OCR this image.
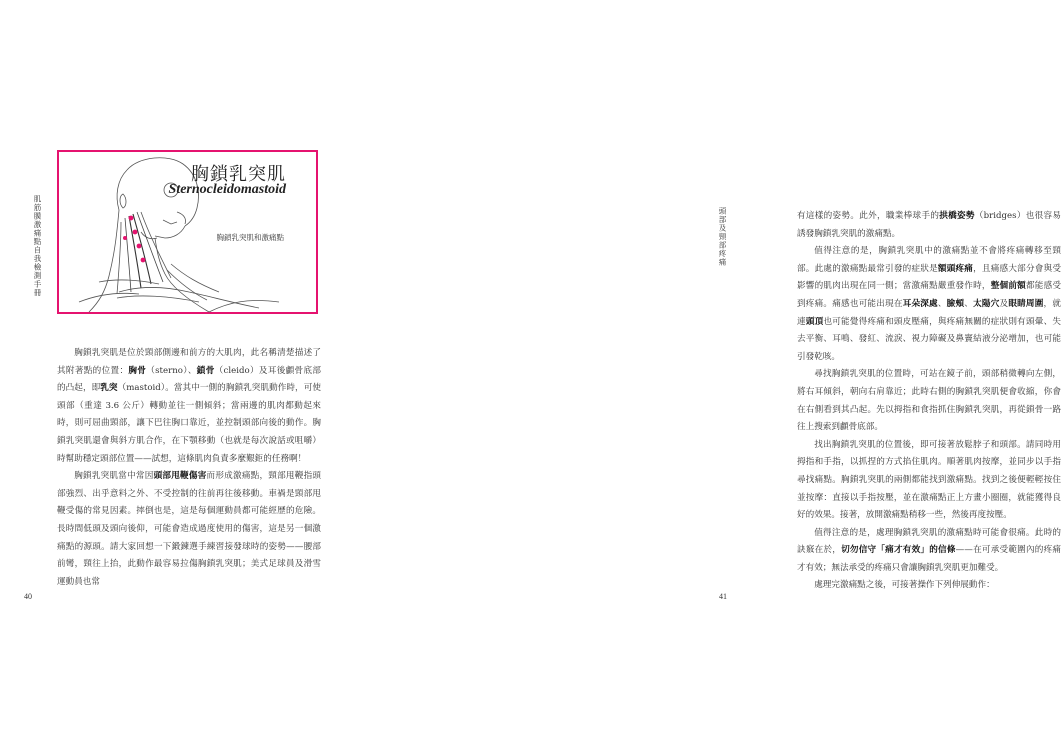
肌筋膜激痛點自我檢測手冊
胸鎖乳突肌
Sternocleidomastoid
胸鎖乳突肌和激痛點

胸鎖乳突肌是位於頸部側邊和前方的大肌肉，此名稱清楚描述了其附著點的位置：胸骨（sterno）、鎖骨（cleido）及耳後顱骨底部的凸起，即乳突（mastoid）。當其中一側的胸鎖乳突肌動作時，可使頭部（重達 3.6 公斤）轉動並往一側傾斜；當兩邊的肌肉都動起來時，則可屈曲頸部，讓下巴往胸口靠近，並控制頭部向後的動作。胸鎖乳突肌還會與斜方肌合作，在下顎移動（也就是每次說話或咀嚼）時幫助穩定頭部位置——試想，這條肌肉負責多麼艱鉅的任務啊！

胸鎖乳突肌當中常因頭部甩鞭傷害而形成激痛點，頸部甩鞭指頭部強烈、出乎意料之外、不受控制的往前再往後移動。車禍是頸部甩鞭受傷的常見因素。摔倒也是，這是每個運動員都可能經歷的危險。長時間低頭及頭向後仰，可能會造成過度使用的傷害，這是另一個激痛點的源頭。請大家回想一下鍛鍊選手練習接發球時的姿勢——腰部前彎，頸往上抬，此動作最容易拉傷胸鎖乳突肌；美式足球員及滑雪運動員也常

40

有這樣的姿勢。此外，職業棒球手的拱橋姿勢（bridges）也很容易誘發胸鎖乳突肌的激痛點。

值得注意的是，胸鎖乳突肌中的激痛點並不會將疼痛轉移至頸部。此處的激痛點最常引發的症狀是額頭疼痛，且痛感大部分會與受影響的肌肉出現在同一側；當激痛點嚴重發作時，整個前額都能感受到疼痛。痛感也可能出現在耳朵深處、臉頰、太陽穴及眼睛周圍，就連頭頂也可能覺得疼痛和頭皮壓痛，與疼痛無關的症狀則有頭暈、失去平衡、耳鳴、發紅、流淚、視力障礙及鼻竇結液分泌增加，也可能引發乾咳。

尋找胸鎖乳突肌的位置時，可站在鏡子前，頭部稍微轉向左側，將右耳傾斜，朝向右肩靠近；此時右側的胸鎖乳突肌便會收縮，你會在右側看到其凸起。先以拇指和食指抓住胸鎖乳突肌，再從鎖骨一路往上搜索到顱骨底部。

找出胸鎖乳突肌的位置後，即可接著放鬆脖子和頭部。請同時用拇指和手指，以抓捏的方式掐住肌肉。順著肌肉按摩，並同步以手指尋找痛點。胸鎖乳突肌的兩側都能找到激痛點。找到之後便輕輕按住並按摩：直接以手指按壓，並在激痛點正上方畫小圈圈，就能獲得良好的效果。接著，放開激痛點稍移一些，然後再度按壓。

值得注意的是，處理胸鎖乳突肌的激痛點時可能會很痛。此時的訣竅在於，切勿信守「痛才有效」的信條——在可承受範圍內的疼痛才有效；無法承受的疼痛只會讓胸鎖乳突肌更加難受。

處理完激痛點之後，可接著操作下列伸展動作：

頭部及頸部疼痛
41
